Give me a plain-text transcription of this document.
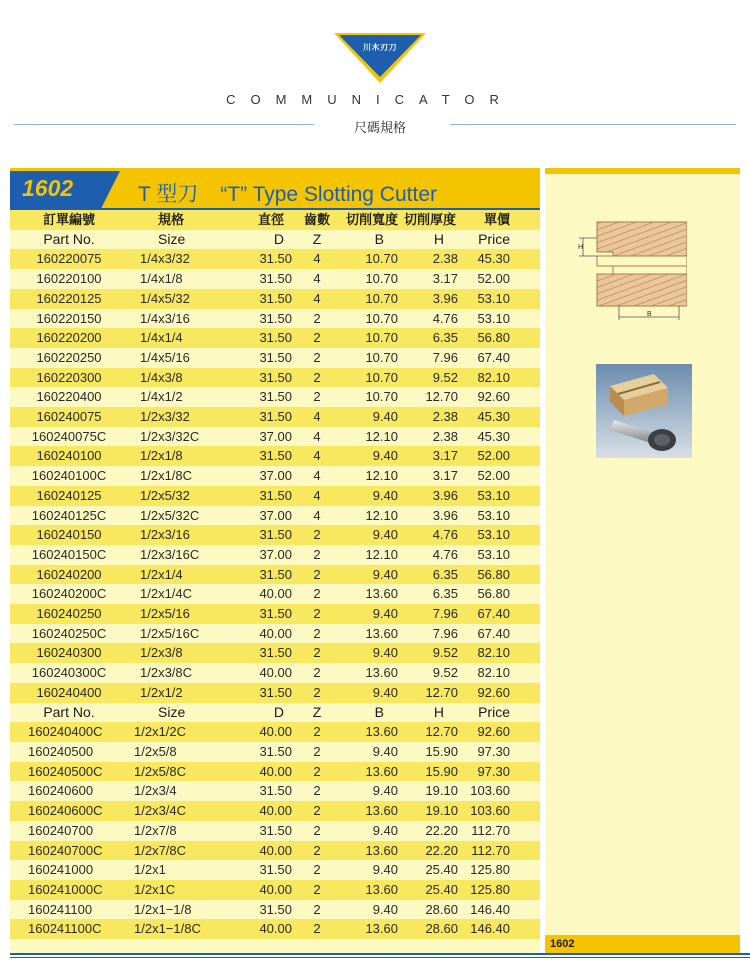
川木刃刀
COMMUNICATOR
尺碼規格
1602	T 型刀 “T” Type Slotting Cutter
訂單編號	規格	直徑	齒數	切削寬度	切削厚度	單價
Part No.	Size	D	Z	B	H	Price
160220075	1/4x3/32	31.50	4	10.70	2.38	45.30
160220100	1/4x1/8	31.50	4	10.70	3.17	52.00
160220125	1/4x5/32	31.50	4	10.70	3.96	53.10
160220150	1/4x3/16	31.50	2	10.70	4.76	53.10
160220200	1/4x1/4	31.50	2	10.70	6.35	56.80
160220250	1/4x5/16	31.50	2	10.70	7.96	67.40
160220300	1/4x3/8	31.50	2	10.70	9.52	82.10
160220400	1/4x1/2	31.50	2	10.70	12.70	92.60
160240075	1/2x3/32	31.50	4	9.40	2.38	45.30
160240075C	1/2x3/32C	37.00	4	12.10	2.38	45.30
160240100	1/2x1/8	31.50	4	9.40	3.17	52.00
160240100C	1/2x1/8C	37.00	4	12.10	3.17	52.00
160240125	1/2x5/32	31.50	4	9.40	3.96	53.10
160240125C	1/2x5/32C	37.00	4	12.10	3.96	53.10
160240150	1/2x3/16	31.50	2	9.40	4.76	53.10
160240150C	1/2x3/16C	37.00	2	12.10	4.76	53.10
160240200	1/2x1/4	31.50	2	9.40	6.35	56.80
160240200C	1/2x1/4C	40.00	2	13.60	6.35	56.80
160240250	1/2x5/16	31.50	2	9.40	7.96	67.40
160240250C	1/2x5/16C	40.00	2	13.60	7.96	67.40
160240300	1/2x3/8	31.50	2	9.40	9.52	82.10
160240300C	1/2x3/8C	40.00	2	13.60	9.52	82.10
160240400	1/2x1/2	31.50	2	9.40	12.70	92.60
Part No.	Size	D	Z	B	H	Price
160240400C	1/2x1/2C	40.00	2	13.60	12.70	92.60
160240500	1/2x5/8	31.50	2	9.40	15.90	97.30
160240500C	1/2x5/8C	40.00	2	13.60	15.90	97.30
160240600	1/2x3/4	31.50	2	9.40	19.10	103.60
160240600C	1/2x3/4C	40.00	2	13.60	19.10	103.60
160240700	1/2x7/8	31.50	2	9.40	22.20	112.70
160240700C	1/2x7/8C	40.00	2	13.60	22.20	112.70
160241000	1/2x1	31.50	2	9.40	25.40	125.80
160241000C	1/2x1C	40.00	2	13.60	25.40	125.80
160241100	1/2x1−1/8	31.50	2	9.40	28.60	146.40
160241100C	1/2x1−1/8C	40.00	2	13.60	28.60	146.40
H
B
1602
